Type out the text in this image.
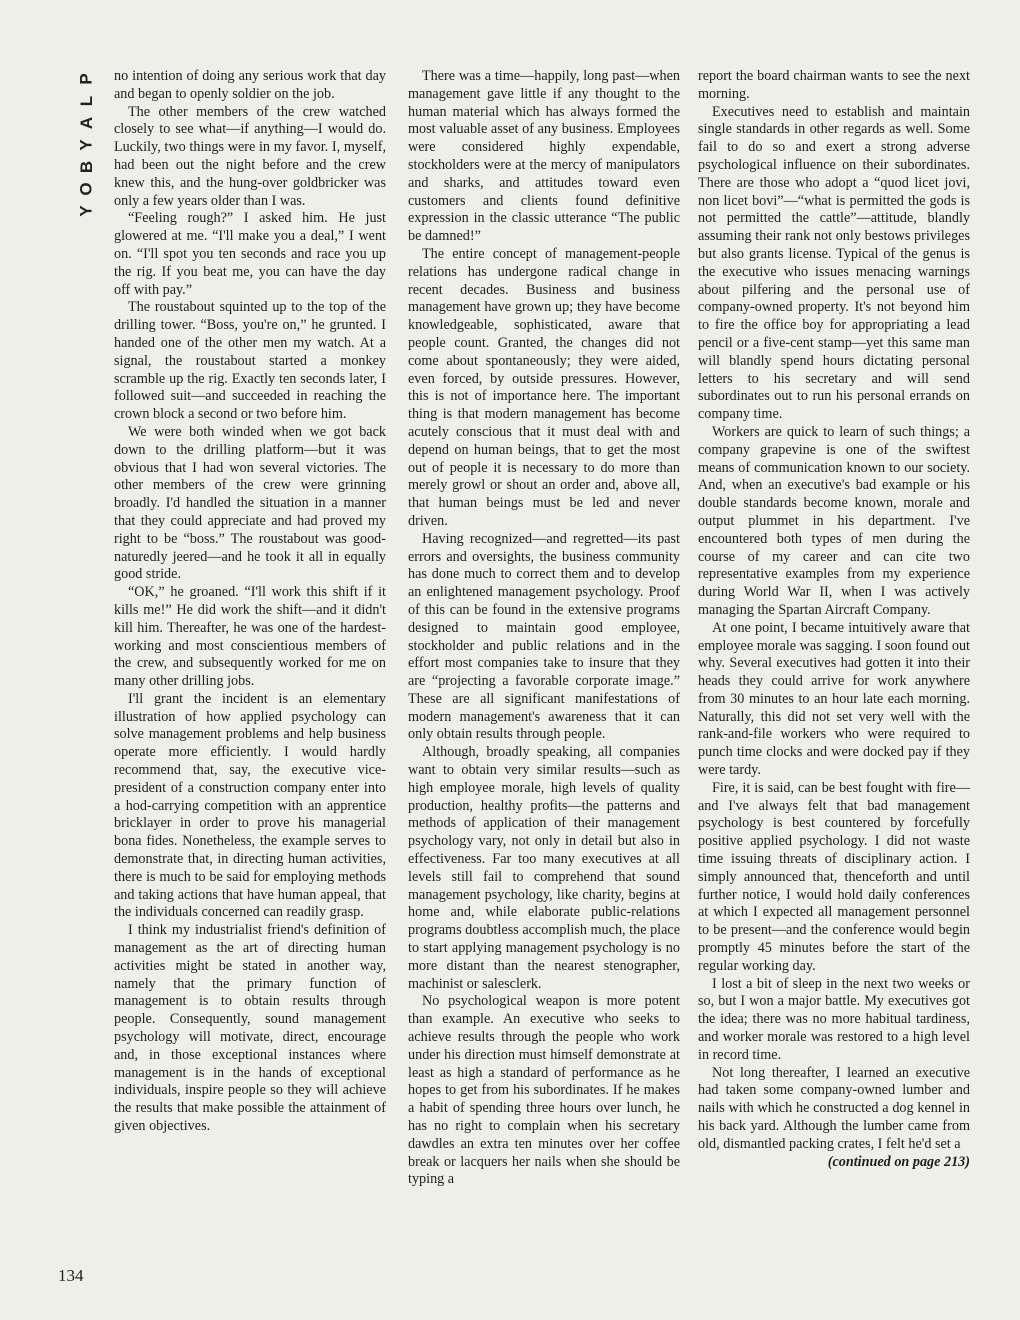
P
L
A
Y
B
O
Y

no intention of doing any serious work that day and began to openly soldier on the job.

The other members of the crew watched closely to see what—if anything—I would do. Luckily, two things were in my favor. I, myself, had been out the night before and the crew knew this, and the hung-over goldbricker was only a few years older than I was.

“Feeling rough?” I asked him. He just glowered at me. “I'll make you a deal,” I went on. “I'll spot you ten seconds and race you up the rig. If you beat me, you can have the day off with pay.”

The roustabout squinted up to the top of the drilling tower. “Boss, you're on,” he grunted. I handed one of the other men my watch. At a signal, the roustabout started a monkey scramble up the rig. Exactly ten seconds later, I followed suit—and succeeded in reaching the crown block a second or two before him.

We were both winded when we got back down to the drilling platform—but it was obvious that I had won several victories. The other members of the crew were grinning broadly. I'd handled the situation in a manner that they could appreciate and had proved my right to be “boss.” The roustabout was good-naturedly jeered—and he took it all in equally good stride.

“OK,” he groaned. “I'll work this shift if it kills me!” He did work the shift—and it didn't kill him. Thereafter, he was one of the hardest-working and most conscientious members of the crew, and subsequently worked for me on many other drilling jobs.

I'll grant the incident is an elementary illustration of how applied psychology can solve management problems and help business operate more efficiently. I would hardly recommend that, say, the executive vice-president of a construction company enter into a hod-carrying competition with an apprentice bricklayer in order to prove his managerial bona fides. Nonetheless, the example serves to demonstrate that, in directing human activities, there is much to be said for employing methods and taking actions that have human appeal, that the individuals concerned can readily grasp.

I think my industrialist friend's definition of management as the art of directing human activities might be stated in another way, namely that the primary function of management is to obtain results through people. Consequently, sound management psychology will motivate, direct, encourage and, in those exceptional instances where management is in the hands of exceptional individuals, inspire people so they will achieve the results that make possible the attainment of given objectives.

There was a time—happily, long past—when management gave little if any thought to the human material which has always formed the most valuable asset of any business. Employees were considered highly expendable, stockholders were at the mercy of manipulators and sharks, and attitudes toward even customers and clients found definitive expression in the classic utterance “The public be damned!”

The entire concept of management-people relations has undergone radical change in recent decades. Business and business management have grown up; they have become knowledgeable, sophisticated, aware that people count. Granted, the changes did not come about spontaneously; they were aided, even forced, by outside pressures. However, this is not of importance here. The important thing is that modern management has become acutely conscious that it must deal with and depend on human beings, that to get the most out of people it is necessary to do more than merely growl or shout an order and, above all, that human beings must be led and never driven.

Having recognized—and regretted—its past errors and oversights, the business community has done much to correct them and to develop an enlightened management psychology. Proof of this can be found in the extensive programs designed to maintain good employee, stockholder and public relations and in the effort most companies take to insure that they are “projecting a favorable corporate image.” These are all significant manifestations of modern management's awareness that it can only obtain results through people.

Although, broadly speaking, all companies want to obtain very similar results—such as high employee morale, high levels of quality production, healthy profits—the patterns and methods of application of their management psychology vary, not only in detail but also in effectiveness. Far too many executives at all levels still fail to comprehend that sound management psychology, like charity, begins at home and, while elaborate public-relations programs doubtless accomplish much, the place to start applying management psychology is no more distant than the nearest stenographer, machinist or salesclerk.

No psychological weapon is more potent than example. An executive who seeks to achieve results through the people who work under his direction must himself demonstrate at least as high a standard of performance as he hopes to get from his subordinates. If he makes a habit of spending three hours over lunch, he has no right to complain when his secretary dawdles an extra ten minutes over her coffee break or lacquers her nails when she should be typing a

report the board chairman wants to see the next morning.

Executives need to establish and maintain single standards in other regards as well. Some fail to do so and exert a strong adverse psychological influence on their subordinates. There are those who adopt a “quod licet jovi, non licet bovi”—“what is permitted the gods is not permitted the cattle”—attitude, blandly assuming their rank not only bestows privileges but also grants license. Typical of the genus is the executive who issues menacing warnings about pilfering and the personal use of company-owned property. It's not beyond him to fire the office boy for appropriating a lead pencil or a five-cent stamp—yet this same man will blandly spend hours dictating personal letters to his secretary and will send subordinates out to run his personal errands on company time.

Workers are quick to learn of such things; a company grapevine is one of the swiftest means of communication known to our society. And, when an executive's bad example or his double standards become known, morale and output plummet in his department. I've encountered both types of men during the course of my career and can cite two representative examples from my experience during World War II, when I was actively managing the Spartan Aircraft Company.

At one point, I became intuitively aware that employee morale was sagging. I soon found out why. Several executives had gotten it into their heads they could arrive for work anywhere from 30 minutes to an hour late each morning. Naturally, this did not set very well with the rank-and-file workers who were required to punch time clocks and were docked pay if they were tardy.

Fire, it is said, can be best fought with fire—and I've always felt that bad management psychology is best countered by forcefully positive applied psychology. I did not waste time issuing threats of disciplinary action. I simply announced that, thenceforth and until further notice, I would hold daily conferences at which I expected all management personnel to be present—and the conference would begin promptly 45 minutes before the start of the regular working day.

I lost a bit of sleep in the next two weeks or so, but I won a major battle. My executives got the idea; there was no more habitual tardiness, and worker morale was restored to a high level in record time.

Not long thereafter, I learned an executive had taken some company-owned lumber and nails with which he constructed a dog kennel in his back yard. Although the lumber came from old, dismantled packing crates, I felt he'd set a

(continued on page 213)

134
